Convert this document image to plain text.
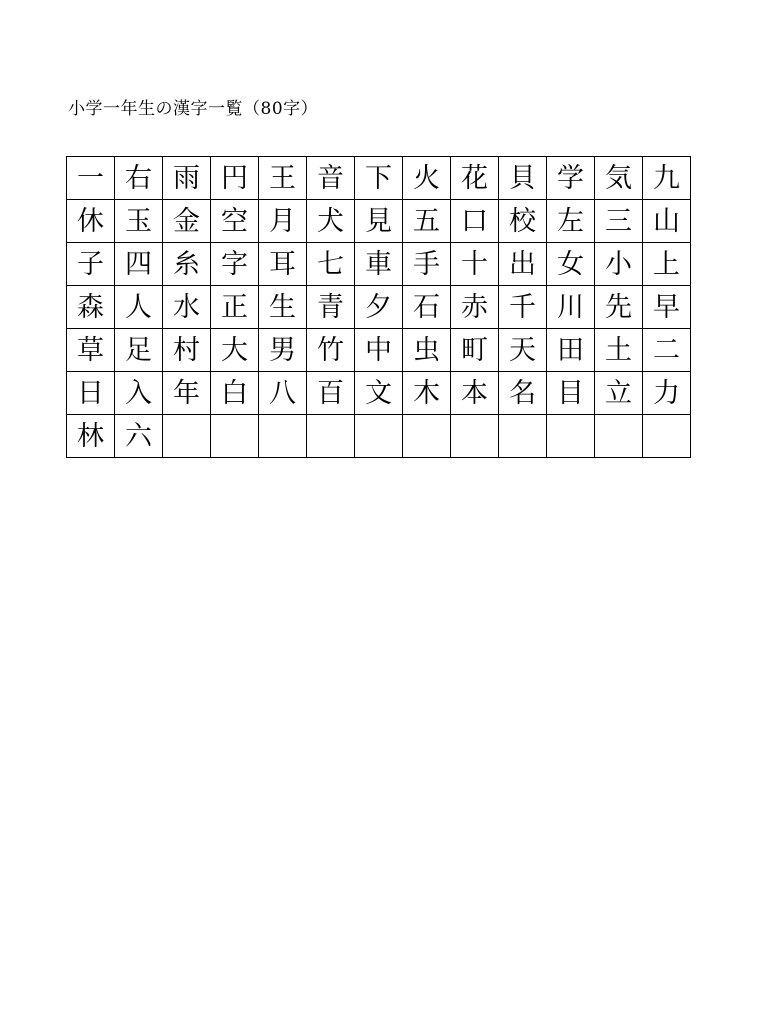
小学一年生の漢字一覧（80字）
一	右	雨	円	王	音	下	火	花	貝	学	気	九
休	玉	金	空	月	犬	見	五	口	校	左	三	山
子	四	糸	字	耳	七	車	手	十	出	女	小	上
森	人	水	正	生	青	夕	石	赤	千	川	先	早
草	足	村	大	男	竹	中	虫	町	天	田	土	二
日	入	年	白	八	百	文	木	本	名	目	立	力
林	六											
